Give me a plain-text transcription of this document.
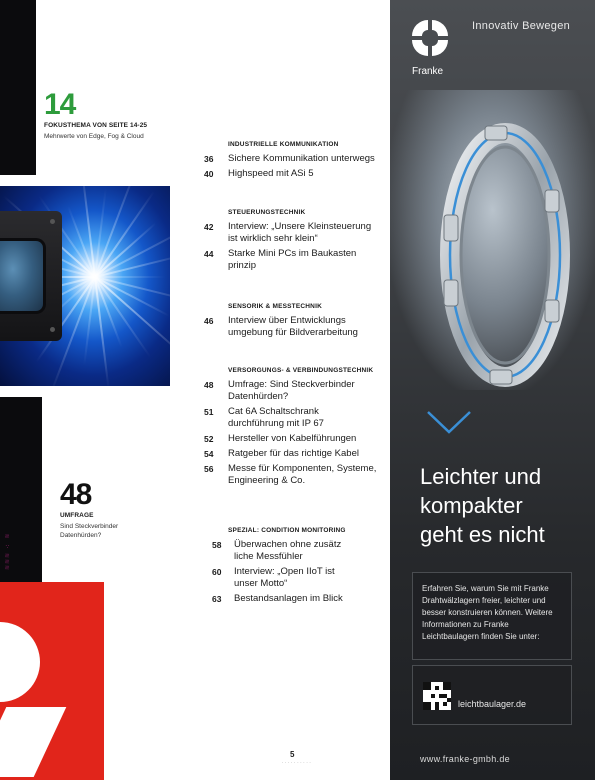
14
FOKUSTHEMA VON SEITE 14-25
Mehrwerte von Edge, Fog & Cloud
≋≋≋ ∴ ≋
48
UMFRAGE
Sind Steckverbinder
Datenhürden?
INDUSTRIELLE KOMMUNIKATION
36	Sichere Kommunikation unterwegs
40	Highspeed mit ASi 5
STEUERUNGSTECHNIK
42	Interview: „Unsere Kleinsteuerung
ist wirklich sehr klein“
44	Starke Mini PCs im Baukasten
prinzip
SENSORIK & MESSTECHNIK
46	Interview über Entwicklungs
umgebung für Bildverarbeitung
VERSORGUNGS- & VERBINDUNGSTECHNIK
48	Umfrage: Sind Steckverbinder
Datenhürden?
51	Cat 6A Schaltschrank
durchführung mit IP 67
52	Hersteller von Kabelführungen
54	Ratgeber für das richtige Kabel
56	Messe für Komponenten, Systeme,
Engineering & Co.
SPEZIAL: CONDITION MONITORING
58	Überwachen ohne zusätz
liche Messfühler
60	Interview: „Open IIoT ist
unser Motto“
63	Bestandsanlagen im Blick
5
· · · · · · · · · ·
Franke
Innovativ Bewegen
Leichter und
kompakter
geht es nicht
Erfahren Sie, warum Sie mit Franke Drahtwälzlagern freier, leichter und besser konstruieren können. Weitere Informationen zu Franke Leichtbaulagern finden Sie unter:
leichtbaulager.de
www.franke-gmbh.de
